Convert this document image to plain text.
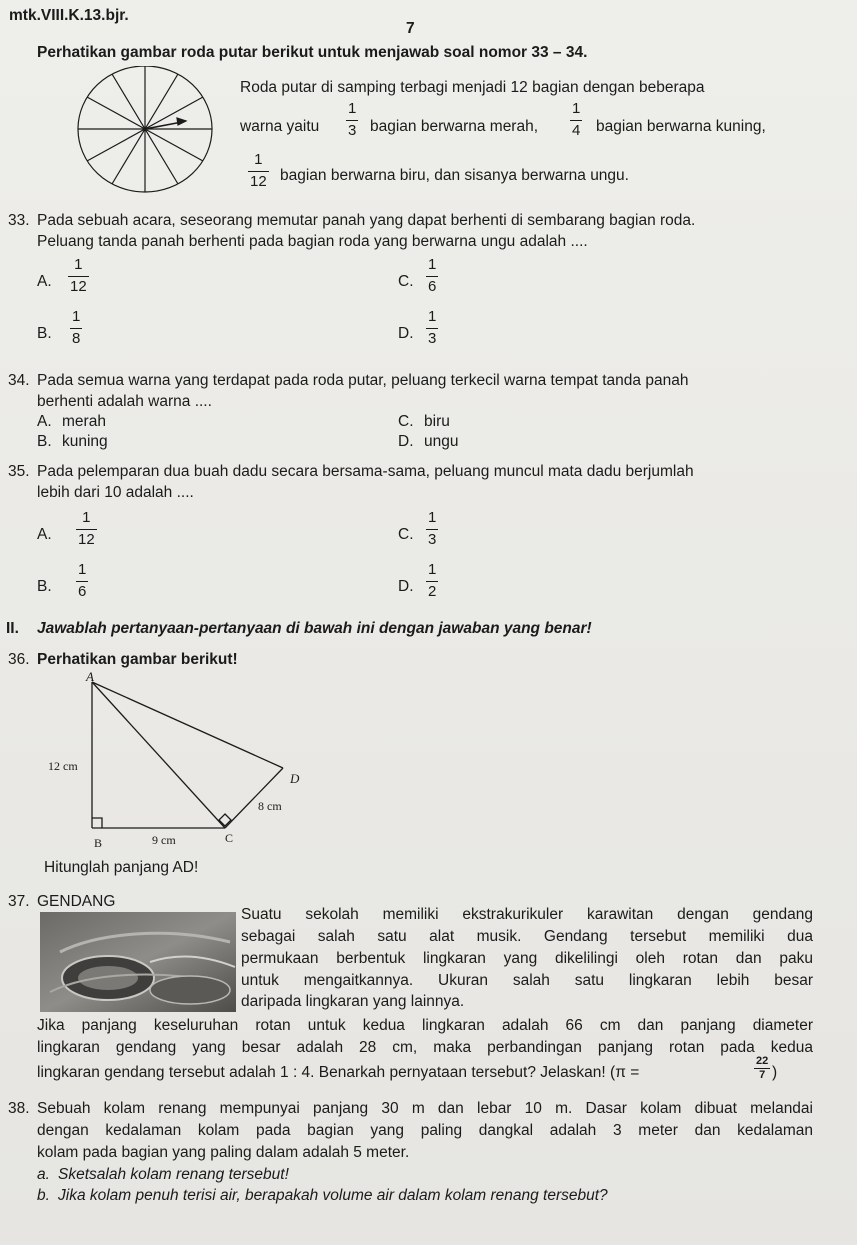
mtk.VIII.K.13.bjr.
7
Perhatikan gambar roda putar berikut untuk menjawab soal nomor 33 – 34.
Roda putar di samping terbagi menjadi 12 bagian dengan beberapa
warna yaitu
1
3 bagian berwarna merah,
1
4 bagian berwarna kuning,
1
12 bagian berwarna biru, dan sisanya berwarna ungu.
33. Pada sebuah acara, seseorang memutar panah yang dapat berhenti di sembarang bagian roda.
Peluang tanda panah berhenti pada bagian roda yang berwarna ungu adalah ....
A.
1
12	C.
1
6
B.
1
8	D.
1
3
34. Pada semua warna yang terdapat pada roda putar, peluang terkecil warna tempat tanda panah
berhenti adalah warna ....
A. merah	C. biru
B. kuning	D. ungu
35. Pada pelemparan dua buah dadu secara bersama-sama, peluang muncul mata dadu berjumlah
lebih dari 10 adalah ....
A.
1
12	C.
1
3
B.
1
6	D.
1
2
II. Jawablah pertanyaan-pertanyaan di bawah ini dengan jawaban yang benar!
36. Perhatikan gambar berikut!
A
B	C
D
12 cm
9 cm
8 cm
Hitunglah panjang AD!
37. GENDANG
Suatu sekolah memiliki ekstrakurikuler karawitan dengan gendang
sebagai salah satu alat musik. Gendang tersebut memiliki dua
permukaan berbentuk lingkaran yang dikelilingi oleh rotan dan paku
untuk mengaitkannya. Ukuran salah satu lingkaran lebih besar
daripada lingkaran yang lainnya.
Jika panjang keseluruhan rotan untuk kedua lingkaran adalah 66 cm dan panjang diameter
lingkaran gendang yang besar adalah 28 cm, maka perbandingan panjang rotan pada kedua
lingkaran gendang tersebut adalah 1 : 4. Benarkah pernyataan tersebut? Jelaskan! (π =
22
7 )
38. Sebuah kolam renang mempunyai panjang 30 m dan lebar 10 m. Dasar kolam dibuat melandai
dengan kedalaman kolam pada bagian yang paling dangkal adalah 3 meter dan kedalaman
kolam pada bagian yang paling dalam adalah 5 meter.
a. Sketsalah kolam renang tersebut!
b. Jika kolam penuh terisi air, berapakah volume air dalam kolam renang tersebut?
